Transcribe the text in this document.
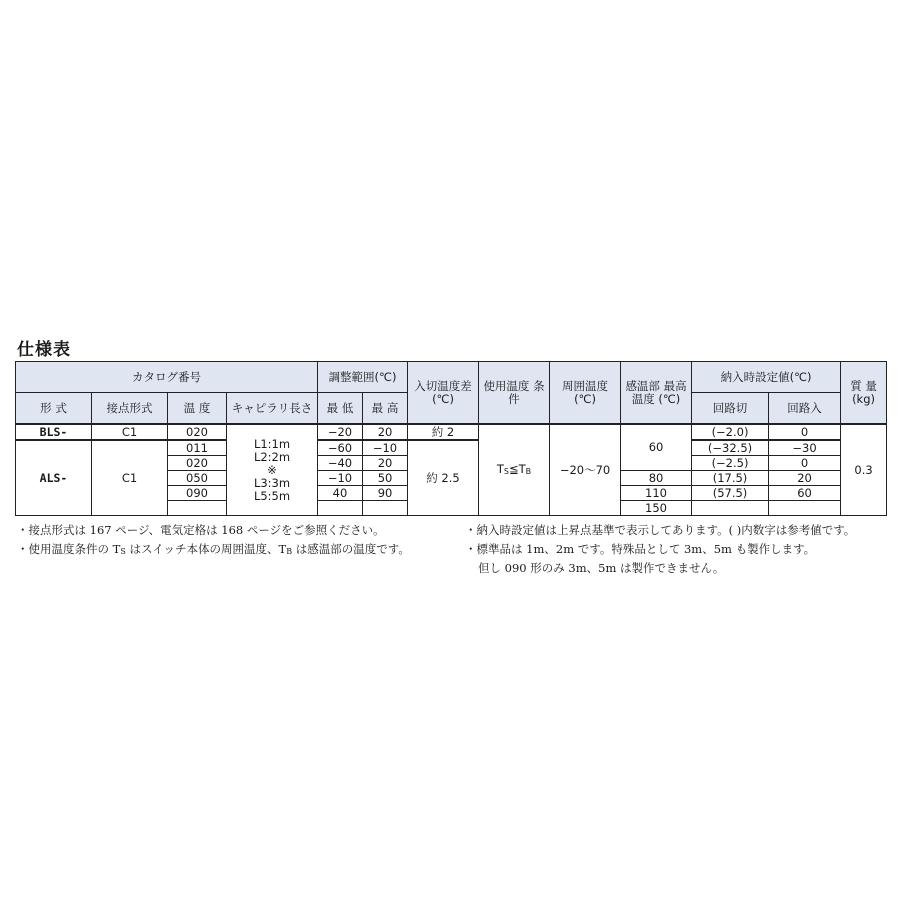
仕様表
カタログ番号				調整範囲(℃)		入切温度差 (℃)	使用温度 条件	周囲温度 (℃)	感温部 最高温度 (℃)	納入時設定値(℃)		質 量 (kg)
形 式	接点形式	温 度	キャピラリ長さ	最 低	最 高					回路切	回路入	
BLS-	C1	020	L1:1m
L2:2m
※
L3:3m
L5:5m	−20	20	約 2	$T_S≦T_B$	−20〜70	60	(−2.0)	0	0.3
ALS-	C1	011		−60	−10	約 2.5				(−32.5)	−30	
		020		−40	20					(−2.5)	0	
		050		−10	50				80	(17.5)	20	
		090		40	90				110	(57.5)	60	
									150			
・接点形式は 167 ページ、電気定格は 168 ページをご参照ください。
・使用温度条件の $T_S$ はスイッチ本体の周囲温度、$T_B$ は感温部の温度です。
・納入時設定値は上昇点基準で表示してあります。( )内数字は参考値です。
・標準品は 1m、2m です。特殊品として 3m、5m も製作します。
但し 090 形のみ 3m、5m は製作できません。
